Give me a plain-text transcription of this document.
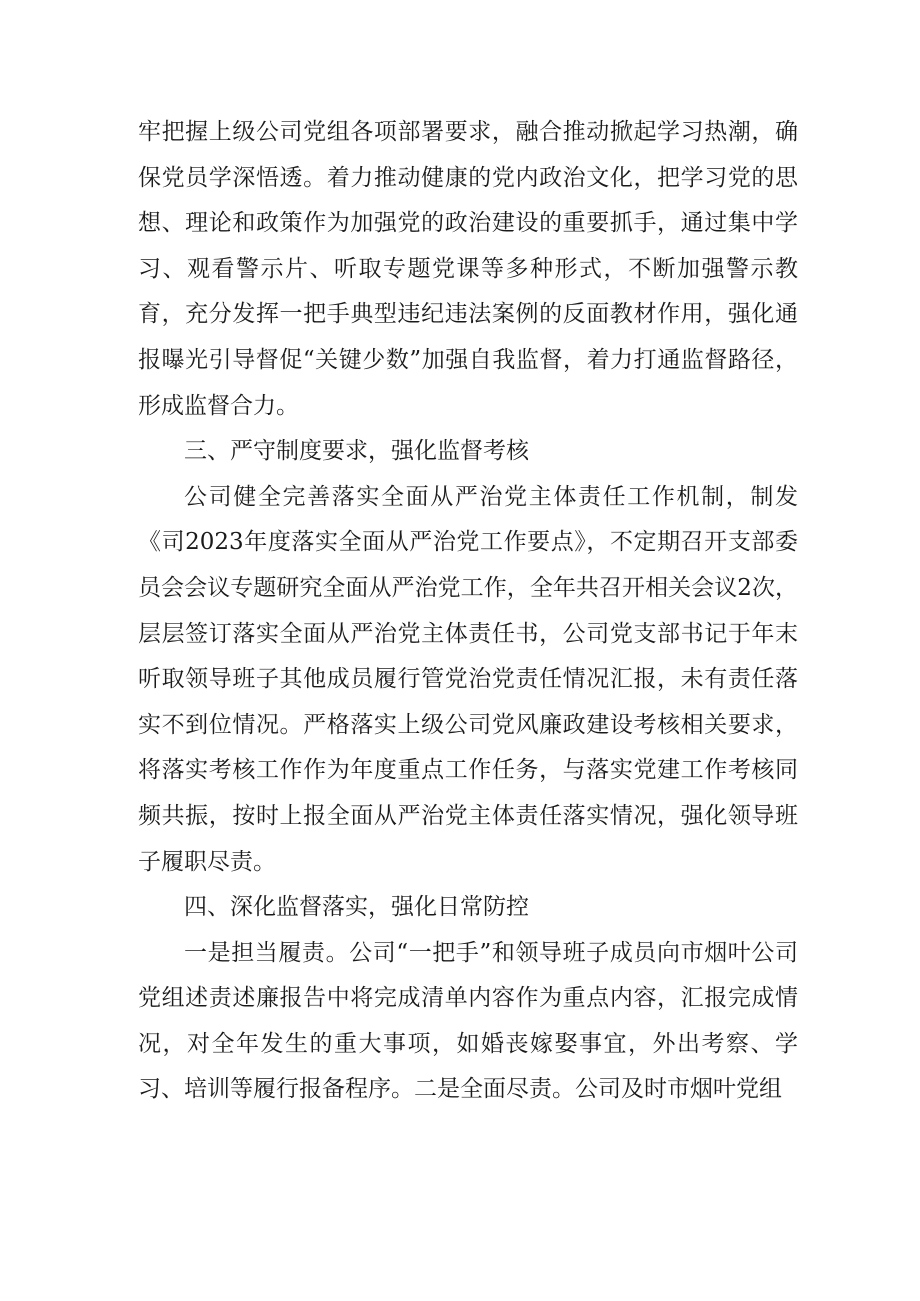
牢把握上级公司党组各项部署要求，融合推动掀起学习热潮，确保党员学深悟透。着力推动健康的党内政治文化，把学习党的思想、理论和政策作为加强党的政治建设的重要抓手，通过集中学习、观看警示片、听取专题党课等多种形式，不断加强警示教育，充分发挥一把手典型违纪违法案例的反面教材作用，强化通报曝光引导督促“关键少数”加强自我监督，着力打通监督路径，形成监督合力。

三、严守制度要求，强化监督考核

公司健全完善落实全面从严治党主体责任工作机制，制发《司2023年度落实全面从严治党工作要点》，不定期召开支部委员会会议专题研究全面从严治党工作，全年共召开相关会议2次，层层签订落实全面从严治党主体责任书，公司党支部书记于年末听取领导班子其他成员履行管党治党责任情况汇报，未有责任落实不到位情况。严格落实上级公司党风廉政建设考核相关要求，将落实考核工作作为年度重点工作任务，与落实党建工作考核同频共振，按时上报全面从严治党主体责任落实情况，强化领导班子履职尽责。

四、深化监督落实，强化日常防控

一是担当履责。公司“一把手”和领导班子成员向市烟叶公司党组述责述廉报告中将完成清单内容作为重点内容，汇报完成情况，对全年发生的重大事项，如婚丧嫁娶事宜，外出考察、学习、培训等履行报备程序。二是全面尽责。公司及时市烟叶党组
